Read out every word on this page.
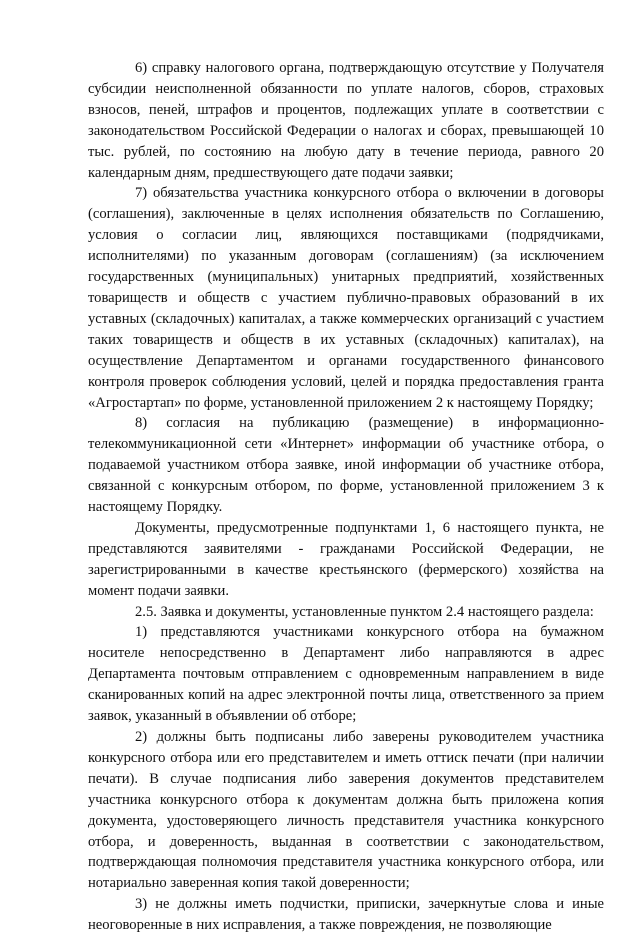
6) справку налогового органа, подтверждающую отсутствие у Получателя субсидии неисполненной обязанности по уплате налогов, сборов, страховых взносов, пеней, штрафов и процентов, подлежащих уплате в соответствии с законодательством Российской Федерации о налогах и сборах, превышающей 10 тыс. рублей, по состоянию на любую дату в течение периода, равного 20 календарным дням, предшествующего дате подачи заявки;

7) обязательства участника конкурсного отбора о включении в договоры (соглашения), заключенные в целях исполнения обязательств по Соглашению, условия о согласии лиц, являющихся поставщиками (подрядчиками, исполнителями) по указанным договорам (соглашениям) (за исключением государственных (муниципальных) унитарных предприятий, хозяйственных товариществ и обществ с участием публично-правовых образований в их уставных (складочных) капиталах, а также коммерческих организаций с участием таких товариществ и обществ в их уставных (складочных) капиталах), на осуществление Департаментом и органами государственного финансового контроля проверок соблюдения условий, целей и порядка предоставления гранта «Агростартап» по форме, установленной приложением 2 к настоящему Порядку;

8) согласия на публикацию (размещение) в информационно-телекоммуникационной сети «Интернет» информации об участнике отбора, о подаваемой участником отбора заявке, иной информации об участнике отбора, связанной с конкурсным отбором, по форме, установленной приложением 3 к настоящему Порядку.

Документы, предусмотренные подпунктами 1, 6 настоящего пункта, не представляются заявителями - гражданами Российской Федерации, не зарегистрированными в качестве крестьянского (фермерского) хозяйства на момент подачи заявки.

2.5. Заявка и документы, установленные пунктом 2.4 настоящего раздела:

1) представляются участниками конкурсного отбора на бумажном носителе непосредственно в Департамент либо направляются в адрес Департамента почтовым отправлением с одновременным направлением в виде сканированных копий на адрес электронной почты лица, ответственного за прием заявок, указанный в объявлении об отборе;

2) должны быть подписаны либо заверены руководителем участника конкурсного отбора или его представителем и иметь оттиск печати (при наличии печати). В случае подписания либо заверения документов представителем участника конкурсного отбора к документам должна быть приложена копия документа, удостоверяющего личность представителя участника конкурсного отбора, и доверенность, выданная в соответствии с законодательством, подтверждающая полномочия представителя участника конкурсного отбора, или нотариально заверенная копия такой доверенности;

3) не должны иметь подчистки, приписки, зачеркнутые слова и иные неоговоренные в них исправления, а также повреждения, не позволяющие
